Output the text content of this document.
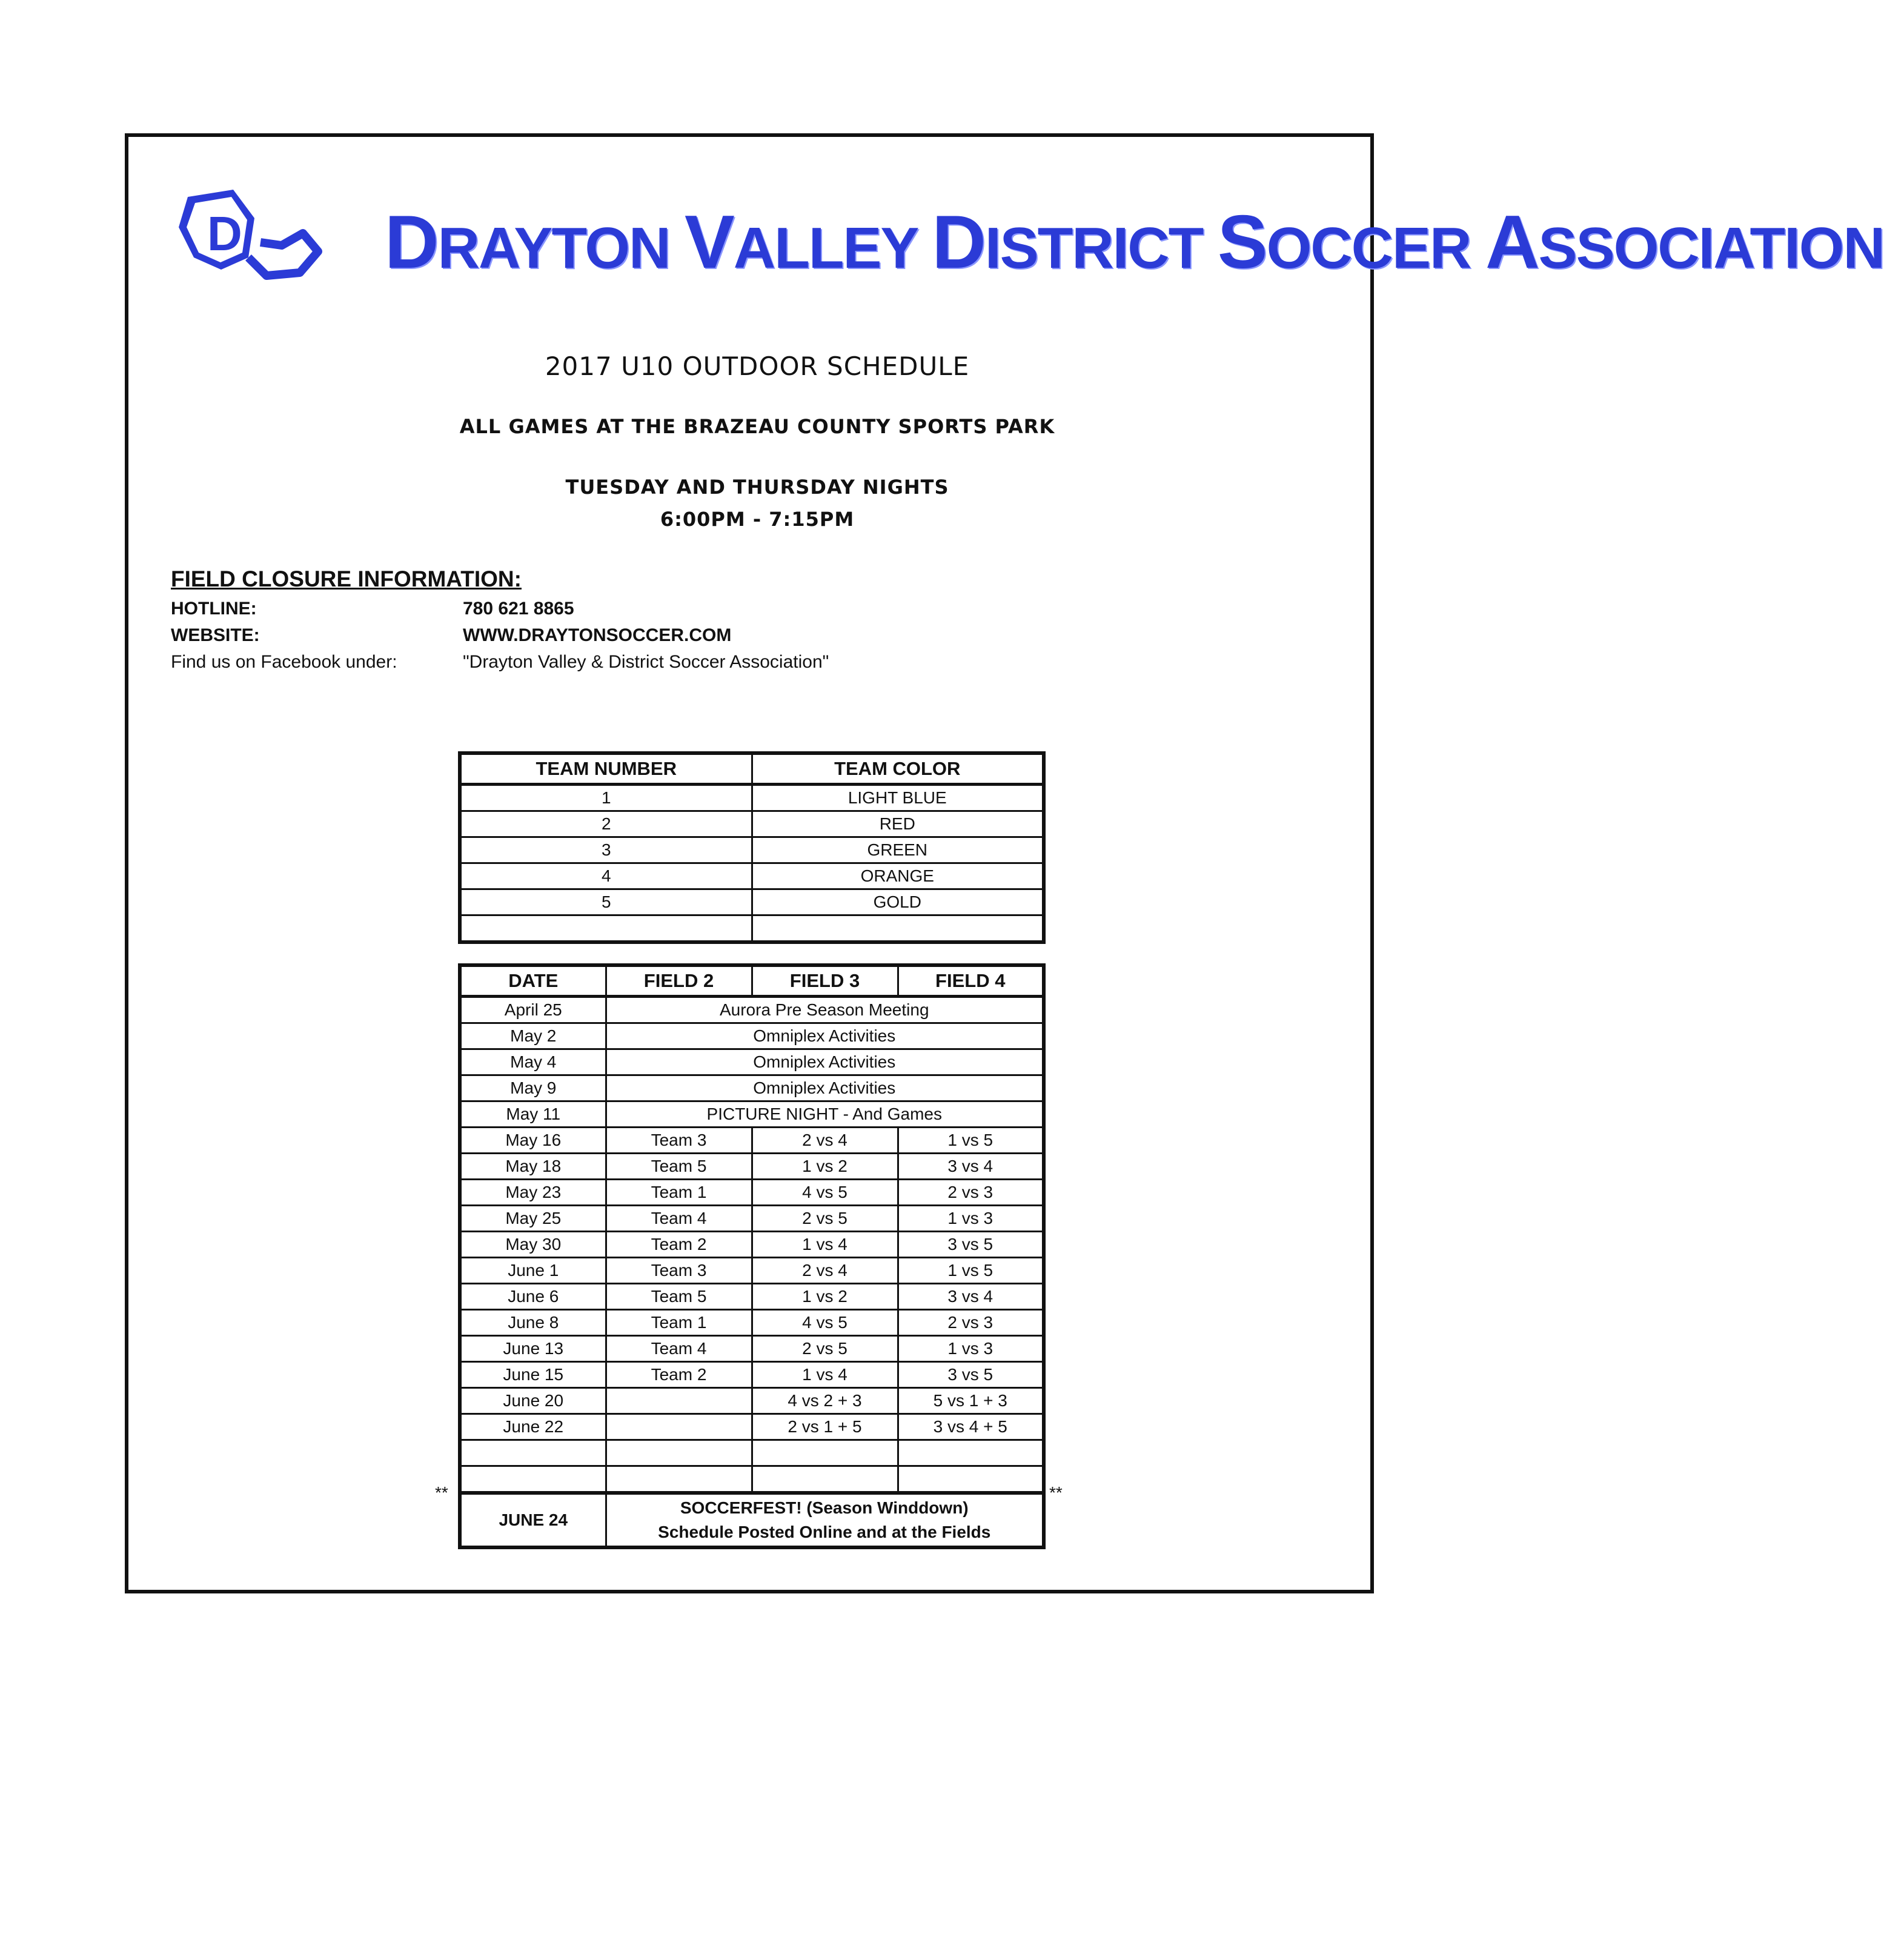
D DRAYTON VALLEY DISTRICT SOCCER ASSOCIATION
2017 U10 OUTDOOR SCHEDULE
ALL GAMES AT THE BRAZEAU COUNTY SPORTS PARK
TUESDAY AND THURSDAY NIGHTS
6:00PM - 7:15PM
FIELD CLOSURE INFORMATION:
HOTLINE:	780 621 8865
WEBSITE:	WWW.DRAYTONSOCCER.COM
Find us on Facebook under:	"Drayton Valley & District Soccer Association"
TEAM NUMBER	TEAM COLOR
1	LIGHT BLUE
2	RED
3	GREEN
4	ORANGE
5	GOLD

DATE	FIELD 2	FIELD 3	FIELD 4
April 25	Aurora Pre Season Meeting		
May 2	Omniplex Activities		
May 4	Omniplex Activities		
May 9	Omniplex Activities		
May 11	PICTURE NIGHT - And Games		
May 16	Team 3	2 vs 4	1 vs 5
May 18	Team 5	1 vs 2	3 vs 4
May 23	Team 1	4 vs 5	2 vs 3
May 25	Team 4	2 vs 5	1 vs 3
May 30	Team 2	1 vs 4	3 vs 5
June 1	Team 3	2 vs 4	1 vs 5
June 6	Team 5	1 vs 2	3 vs 4
June 8	Team 1	4 vs 5	2 vs 3
June 13	Team 4	2 vs 5	1 vs 3
June 15	Team 2	1 vs 4	3 vs 5
June 20		4 vs 2 + 3	5 vs 1 + 3
June 22		2 vs 1 + 5	3 vs 4 + 5

JUNE 24	SOCCERFEST! (Season Winddown)
Schedule Posted Online and at the Fields		
**	**
